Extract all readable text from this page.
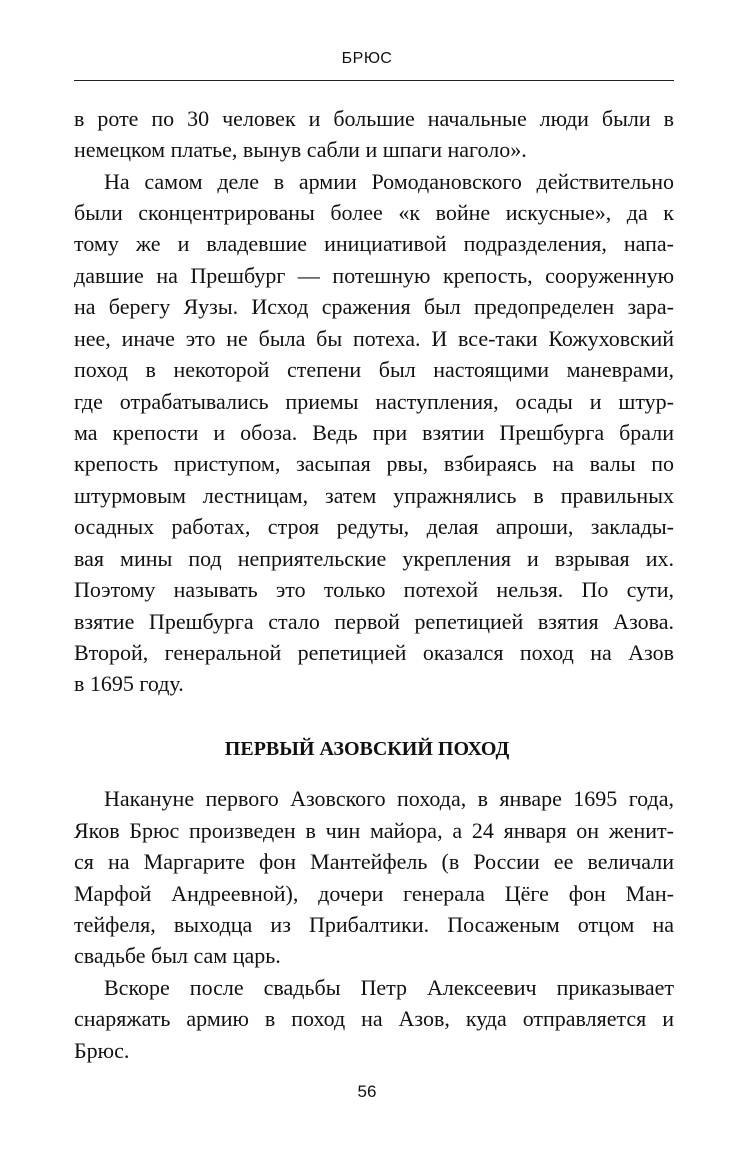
БРЮС
в роте по 30 человек и большие начальные люди были в
немецком платье, вынув сабли и шпаги наголо».
На самом деле в армии Ромодановского действительно
были сконцентрированы более «к войне искусные», да к
тому же и владевшие инициативой подразделения, напа-
давшие на Прешбург — потешную крепость, сооруженную
на берегу Яузы. Исход сражения был предопределен зара-
нее, иначе это не была бы потеха. И все-таки Кожуховский
поход в некоторой степени был настоящими маневрами,
где отрабатывались приемы наступления, осады и штур-
ма крепости и обоза. Ведь при взятии Прешбурга брали
крепость приступом, засыпая рвы, взбираясь на валы по
штурмовым лестницам, затем упражнялись в правильных
осадных работах, строя редуты, делая апроши, заклады-
вая мины под неприятельские укрепления и взрывая их.
Поэтому называть это только потехой нельзя. По сути,
взятие Прешбурга стало первой репетицией взятия Азова.
Второй, генеральной репетицией оказался поход на Азов
в 1695 году.
ПЕРВЫЙ АЗОВСКИЙ ПОХОД
Накануне первого Азовского похода, в январе 1695 года,
Яков Брюс произведен в чин майора, а 24 января он женит-
ся на Маргарите фон Мантейфель (в России ее величали
Марфой Андреевной), дочери генерала Цёге фон Ман-
тейфеля, выходца из Прибалтики. Посаженым отцом на
свадьбе был сам царь.
Вскоре после свадьбы Петр Алексеевич приказывает
снаряжать армию в поход на Азов, куда отправляется и
Брюс.
56
